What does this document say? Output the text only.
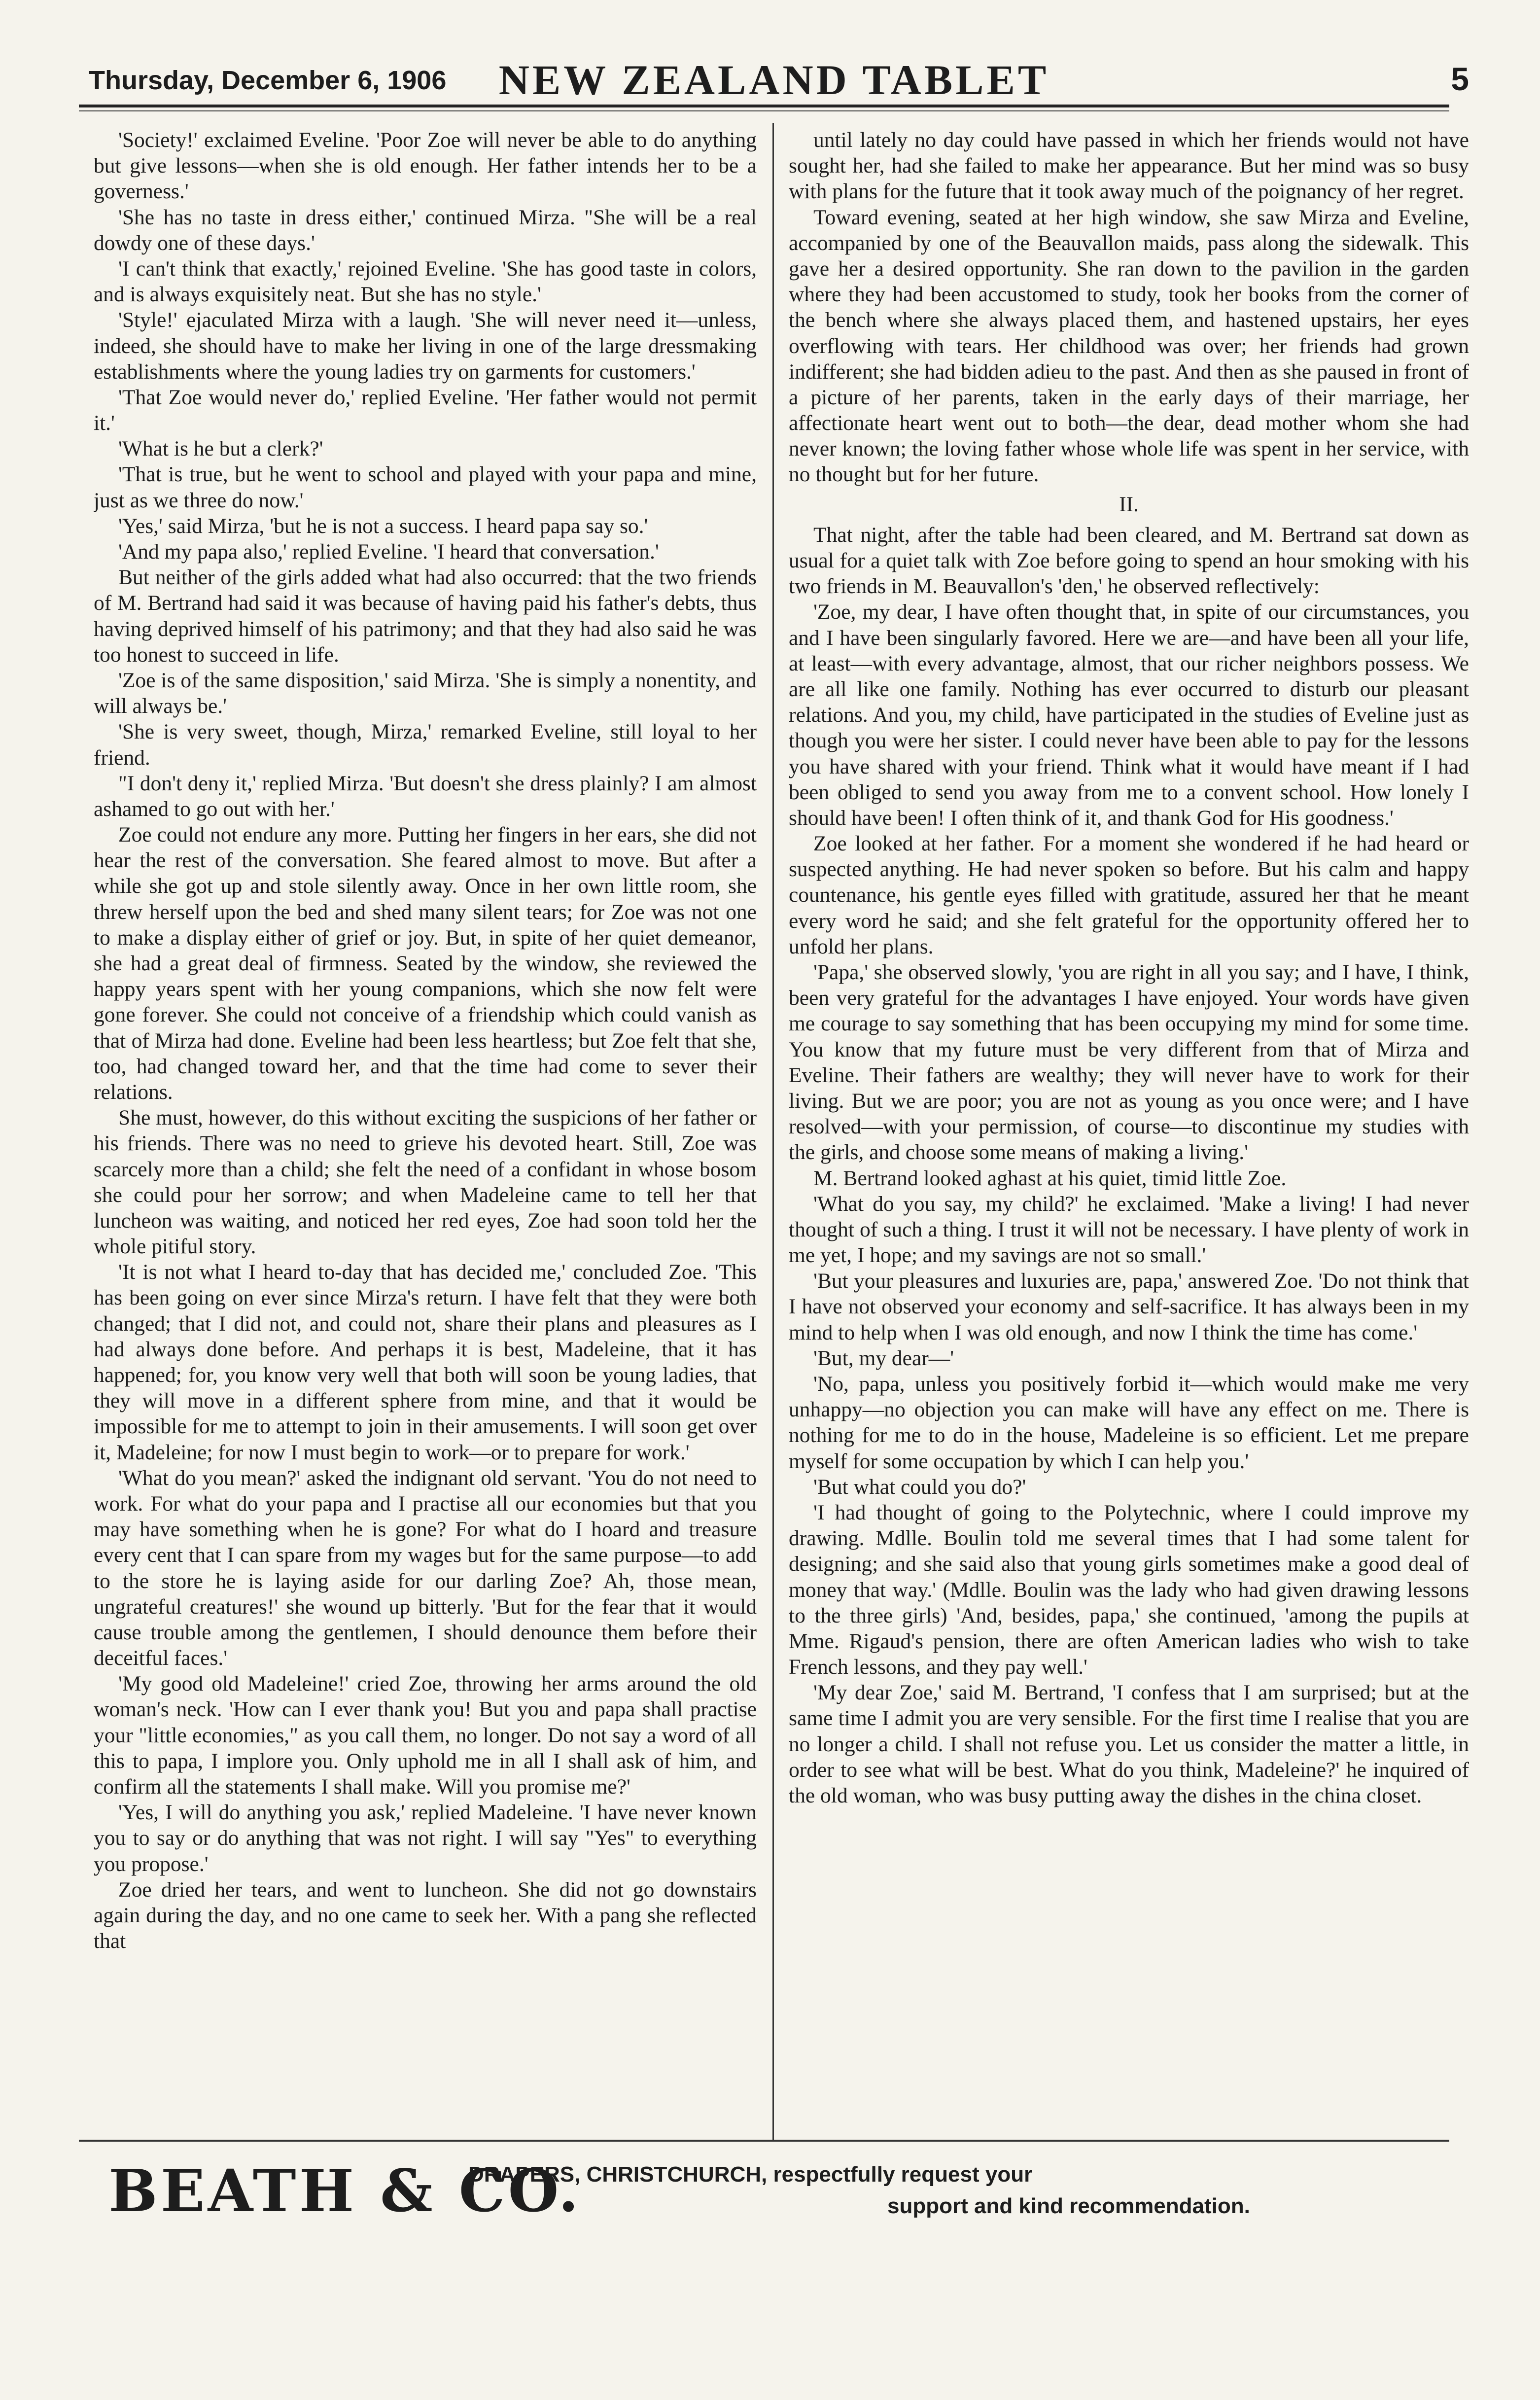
Thursday, December 6, 1906	NEW ZEALAND TABLET	5

'Society!' exclaimed Eveline. 'Poor Zoe will never be able to do anything but give lessons—when she is old enough. Her father intends her to be a governess.'

'She has no taste in dress either,' continued Mirza. "She will be a real dowdy one of these days.'

'I can't think that exactly,' rejoined Eveline. 'She has good taste in colors, and is always exquisitely neat. But she has no style.'

'Style!' ejaculated Mirza with a laugh. 'She will never need it—unless, indeed, she should have to make her living in one of the large dressmaking establishments where the young ladies try on garments for customers.'

'That Zoe would never do,' replied Eveline. 'Her father would not permit it.'

'What is he but a clerk?'

'That is true, but he went to school and played with your papa and mine, just as we three do now.'

'Yes,' said Mirza, 'but he is not a success. I heard papa say so.'

'And my papa also,' replied Eveline. 'I heard that conversation.'

But neither of the girls added what had also occurred: that the two friends of M. Bertrand had said it was because of having paid his father's debts, thus having deprived himself of his patrimony; and that they had also said he was too honest to succeed in life.

'Zoe is of the same disposition,' said Mirza. 'She is simply a nonentity, and will always be.'

'She is very sweet, though, Mirza,' remarked Eveline, still loyal to her friend.

"I don't deny it,' replied Mirza. 'But doesn't she dress plainly? I am almost ashamed to go out with her.'

Zoe could not endure any more. Putting her fingers in her ears, she did not hear the rest of the conversation. She feared almost to move. But after a while she got up and stole silently away. Once in her own little room, she threw herself upon the bed and shed many silent tears; for Zoe was not one to make a display either of grief or joy. But, in spite of her quiet demeanor, she had a great deal of firmness. Seated by the window, she reviewed the happy years spent with her young companions, which she now felt were gone forever. She could not conceive of a friendship which could vanish as that of Mirza had done. Eveline had been less heartless; but Zoe felt that she, too, had changed toward her, and that the time had come to sever their relations.

She must, however, do this without exciting the suspicions of her father or his friends. There was no need to grieve his devoted heart. Still, Zoe was scarcely more than a child; she felt the need of a confidant in whose bosom she could pour her sorrow; and when Madeleine came to tell her that luncheon was waiting, and noticed her red eyes, Zoe had soon told her the whole pitiful story.

'It is not what I heard to-day that has decided me,' concluded Zoe. 'This has been going on ever since Mirza's return. I have felt that they were both changed; that I did not, and could not, share their plans and pleasures as I had always done before. And perhaps it is best, Madeleine, that it has happened; for, you know very well that both will soon be young ladies, that they will move in a different sphere from mine, and that it would be impossible for me to attempt to join in their amusements. I will soon get over it, Madeleine; for now I must begin to work—or to prepare for work.'

'What do you mean?' asked the indignant old servant. 'You do not need to work. For what do your papa and I practise all our economies but that you may have something when he is gone? For what do I hoard and treasure every cent that I can spare from my wages but for the same purpose—to add to the store he is laying aside for our darling Zoe? Ah, those mean, ungrateful creatures!' she wound up bitterly. 'But for the fear that it would cause trouble among the gentlemen, I should denounce them before their deceitful faces.'

'My good old Madeleine!' cried Zoe, throwing her arms around the old woman's neck. 'How can I ever thank you! But you and papa shall practise your "little economies," as you call them, no longer. Do not say a word of all this to papa, I implore you. Only uphold me in all I shall ask of him, and confirm all the statements I shall make. Will you promise me?'

'Yes, I will do anything you ask,' replied Madeleine. 'I have never known you to say or do anything that was not right. I will say "Yes" to everything you propose.'

Zoe dried her tears, and went to luncheon. She did not go downstairs again during the day, and no one came to seek her. With a pang she reflected that

until lately no day could have passed in which her friends would not have sought her, had she failed to make her appearance. But her mind was so busy with plans for the future that it took away much of the poignancy of her regret.

Toward evening, seated at her high window, she saw Mirza and Eveline, accompanied by one of the Beauvallon maids, pass along the sidewalk. This gave her a desired opportunity. She ran down to the pavilion in the garden where they had been accustomed to study, took her books from the corner of the bench where she always placed them, and hastened upstairs, her eyes overflowing with tears. Her childhood was over; her friends had grown indifferent; she had bidden adieu to the past. And then as she paused in front of a picture of her parents, taken in the early days of their marriage, her affectionate heart went out to both—the dear, dead mother whom she had never known; the loving father whose whole life was spent in her service, with no thought but for her future.

II.

That night, after the table had been cleared, and M. Bertrand sat down as usual for a quiet talk with Zoe before going to spend an hour smoking with his two friends in M. Beauvallon's 'den,' he observed reflectively:

'Zoe, my dear, I have often thought that, in spite of our circumstances, you and I have been singularly favored. Here we are—and have been all your life, at least—with every advantage, almost, that our richer neighbors possess. We are all like one family. Nothing has ever occurred to disturb our pleasant relations. And you, my child, have participated in the studies of Eveline just as though you were her sister. I could never have been able to pay for the lessons you have shared with your friend. Think what it would have meant if I had been obliged to send you away from me to a convent school. How lonely I should have been! I often think of it, and thank God for His goodness.'

Zoe looked at her father. For a moment she wondered if he had heard or suspected anything. He had never spoken so before. But his calm and happy countenance, his gentle eyes filled with gratitude, assured her that he meant every word he said; and she felt grateful for the opportunity offered her to unfold her plans.

'Papa,' she observed slowly, 'you are right in all you say; and I have, I think, been very grateful for the advantages I have enjoyed. Your words have given me courage to say something that has been occupying my mind for some time. You know that my future must be very different from that of Mirza and Eveline. Their fathers are wealthy; they will never have to work for their living. But we are poor; you are not as young as you once were; and I have resolved—with your permission, of course—to discontinue my studies with the girls, and choose some means of making a living.'

M. Bertrand looked aghast at his quiet, timid little Zoe.

'What do you say, my child?' he exclaimed. 'Make a living! I had never thought of such a thing. I trust it will not be necessary. I have plenty of work in me yet, I hope; and my savings are not so small.'

'But your pleasures and luxuries are, papa,' answered Zoe. 'Do not think that I have not observed your economy and self-sacrifice. It has always been in my mind to help when I was old enough, and now I think the time has come.'

'But, my dear—'

'No, papa, unless you positively forbid it—which would make me very unhappy—no objection you can make will have any effect on me. There is nothing for me to do in the house, Madeleine is so efficient. Let me prepare myself for some occupation by which I can help you.'

'But what could you do?'

'I had thought of going to the Polytechnic, where I could improve my drawing. Mdlle. Boulin told me several times that I had some talent for designing; and she said also that young girls sometimes make a good deal of money that way.' (Mdlle. Boulin was the lady who had given drawing lessons to the three girls) 'And, besides, papa,' she continued, 'among the pupils at Mme. Rigaud's pension, there are often American ladies who wish to take French lessons, and they pay well.'

'My dear Zoe,' said M. Bertrand, 'I confess that I am surprised; but at the same time I admit you are very sensible. For the first time I realise that you are no longer a child. I shall not refuse you. Let us consider the matter a little, in order to see what will be best. What do you think, Madeleine?' he inquired of the old woman, who was busy putting away the dishes in the china closet.

BEATH & CO.
DRAPERS, CHRISTCHURCH, respectfully request your
support and kind recommendation.
